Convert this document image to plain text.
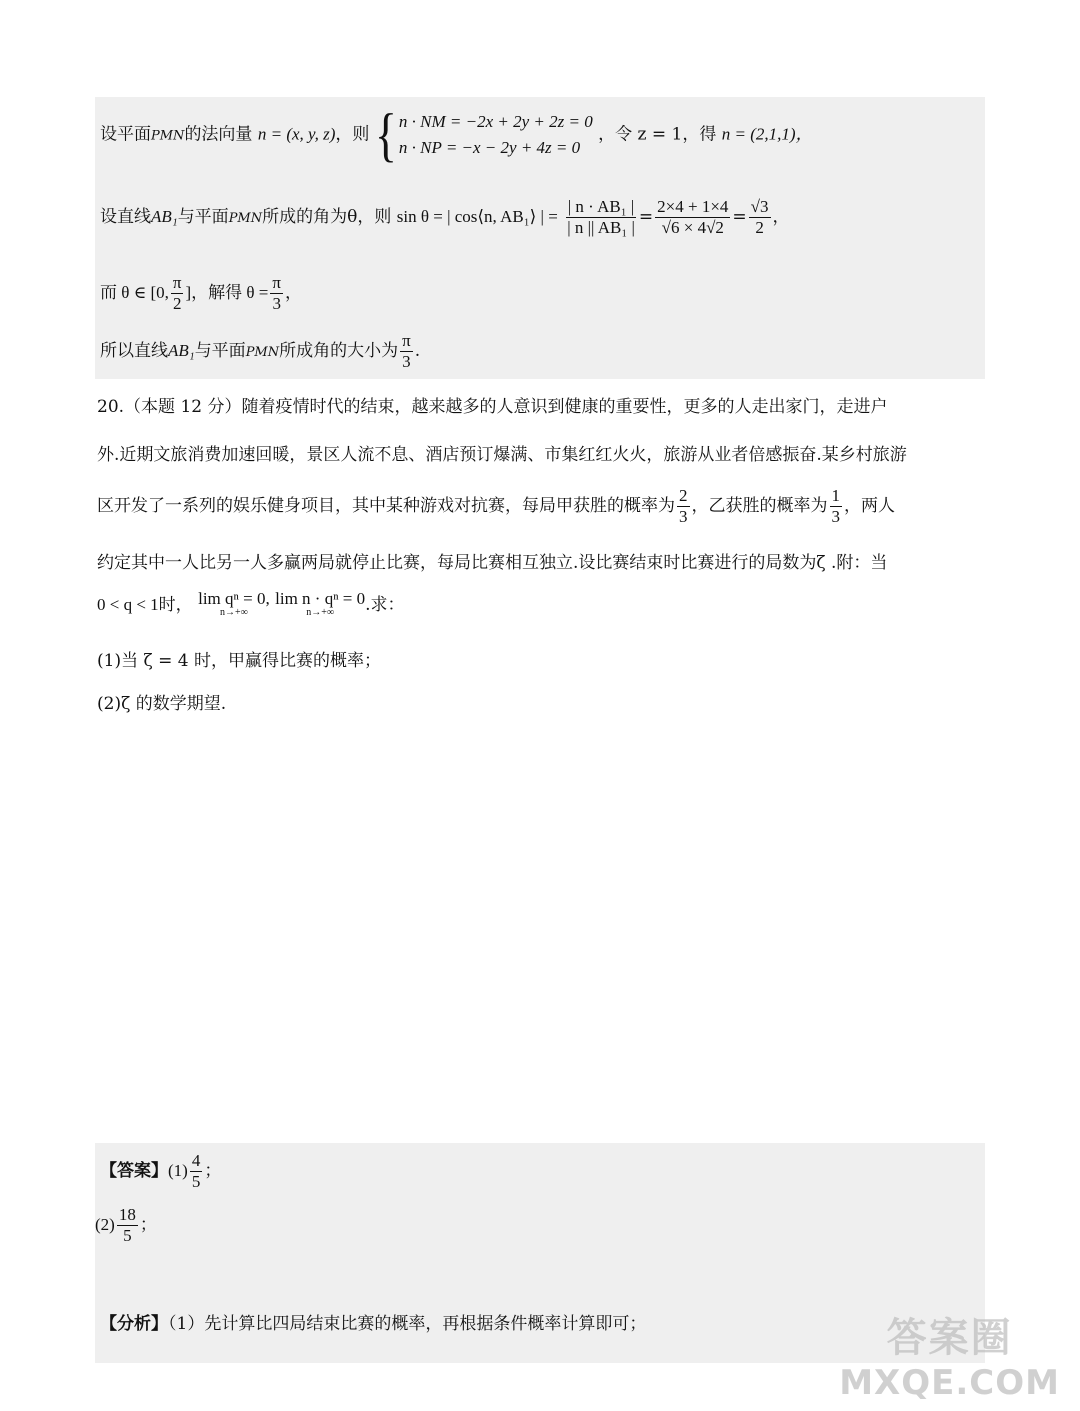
设平面PMN的法向量 n = (x, y, z)，则 { n · NM = −2x + 2y + 2z = 0
n · NP = −x − 2y + 4z = 0
，令 z = 1，得 n = (2,1,1)，
设直线AB₁与平面PMN所成的角为θ，则 sin θ = | cos⟨n, AB₁⟩ | = $\frac{\text{| n · AB₁ |}}{\text{| n || AB₁ |}} = \frac{2\times 4 + 1\times 4}{√6 \times 4√2} = \frac{√3}{2}$ ，
而 θ ∈ [0, $\frac{\pi}{2}$ ]，解得 $\theta = \frac{\pi}{3}$ ，
所以直线AB₁与平面PMN所成角的大小为 $\frac{\pi}{3}$ .
20.（本题 12 分）随着疫情时代的结束，越来越多的人意识到健康的重要性，更多的人走出家门，走进户
外.近期文旅消费加速回暖，景区人流不息、酒店预订爆满、市集红红火火，旅游从业者倍感振奋.某乡村旅游
区开发了一系列的娱乐健身项目，其中某种游戏对抗赛，每局甲获胜的概率为 $\frac{2}{3}$ ，乙获胜的概率为 $\frac{1}{3}$ ，两人
约定其中一人比另一人多赢两局就停止比赛，每局比赛相互独立.设比赛结束时比赛进行的局数为ζ .附：当
0 < q < 1时， lim qⁿ = 0,
n→+∞

lim n · qⁿ = 0
n→+∞ .求：
(1)当 ζ = 4 时，甲赢得比赛的概率；
(2)ζ 的数学期望.
【答案】$(1) \frac{4}{5}$ ；
$(2) \frac{18}{5}$ ；
【分析】（1）先计算比四局结束比赛的概率，再根据条件概率计算即可；	答案圈
MXQE.COM
